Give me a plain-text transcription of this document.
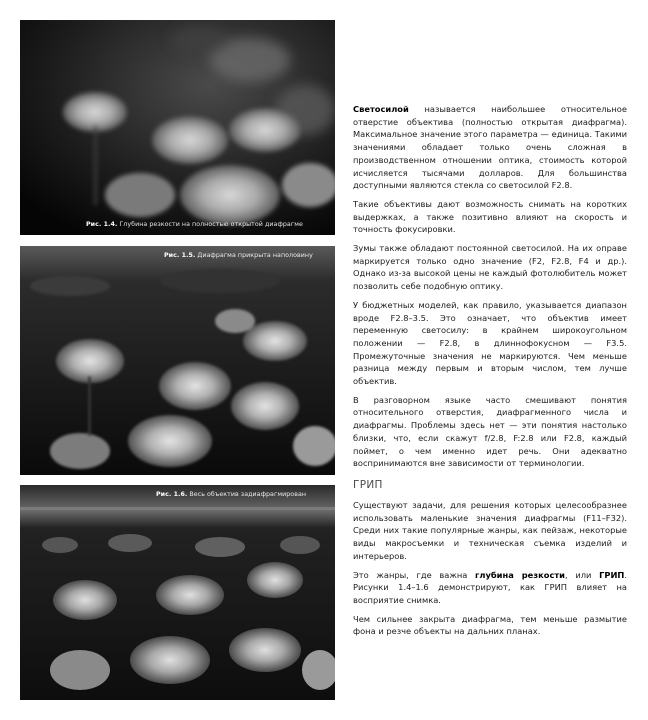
Рис. 1.4. Глубина резкости на полностью открытой диафрагме
Рис. 1.5. Диафрагма прикрыта наполовину
Рис. 1.6. Весь объектив задиафрагмирован

Светосилой называется наибольшее относительное отверстие объектива (полностью открытая диафрагма). Максимальное значение этого параметра — единица. Такими значениями обладает только очень сложная в производственном отношении оптика, стоимость которой исчисляется тысячами долларов. Для большинства доступными являются стекла со светосилой F2.8.

Такие объективы дают возможность снимать на коротких выдержках, а также позитивно влияют на скорость и точность фокусировки.

Зумы также обладают постоянной светосилой. На их оправе маркируется только одно значение (F2, F2.8, F4 и др.). Однако из-за высокой цены не каждый фотолюбитель может позволить себе подобную оптику.

У бюджетных моделей, как правило, указывается диапазон вроде F2.8–3.5. Это означает, что объектив имеет переменную светосилу: в крайнем широкоугольном положении — F2.8, в длиннофокусном — F3.5. Промежуточные значения не маркируются. Чем меньше разница между первым и вторым числом, тем лучше объектив.

В разговорном языке часто смешивают понятия относительного отверстия, диафрагменного числа и диафрагмы. Проблемы здесь нет — эти понятия настолько близки, что, если скажут f/2.8, F:2.8 или F2.8, каждый поймет, о чем именно идет речь. Они адекватно воспринимаются вне зависимости от терминологии.

ГРИП

Существуют задачи, для решения которых целесообразнее использовать маленькие значения диафрагмы (F11–F32). Среди них такие популярные жанры, как пейзаж, некоторые виды макросъемки и техническая съемка изделий и интерьеров.

Это жанры, где важна глубина резкости, или ГРИП. Рисунки 1.4–1.6 демонстрируют, как ГРИП влияет на восприятие снимка.

Чем сильнее закрыта диафрагма, тем меньше размытие фона и резче объекты на дальних планах.
